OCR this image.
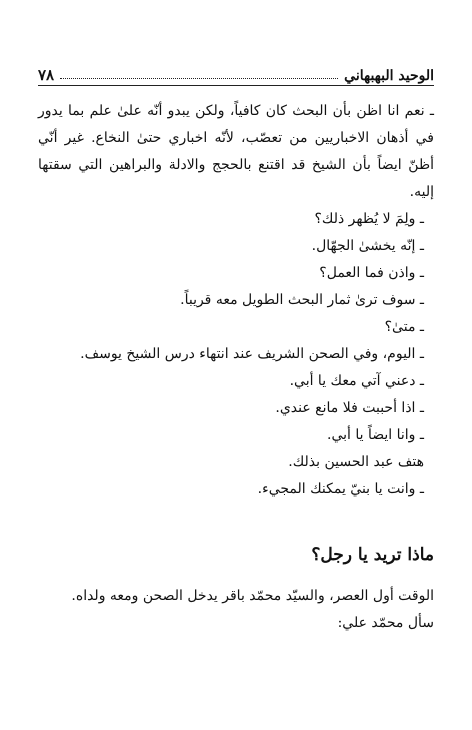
الوحيد البهبهاني
٧٨

ـ نعم انا اظن بأن البحث كان كافياً، ولكن يبدو أنّه علىٰ علم بما يدور في أذهان الاخباريين من تعصّب، لأنّه اخباري حتىٰ النخاع. غير أنّي أظنّ ايضاً بأن الشيخ قد اقتنع بالحجج والادلة والبراهين التي سقتها إليه.

ـ ولِمَ لا يُظهر ذلك؟

ـ إنّه يخشىٰ الجهّال.

ـ واذن فما العمل؟

ـ سوف ترىٰ ثمار البحث الطويل معه قريباً.

ـ متىٰ؟

ـ اليوم، وفي الصحن الشريف عند انتهاء درس الشيخ يوسف.

ـ دعني آتي معك يا أبي.

ـ اذا أحببت فلا مانع عندي.

ـ وانا ايضاً يا أبي.

هتف عبد الحسين بذلك.

ـ وانت يا بنيّ يمكنك المجيء.

ماذا تريد يا رجل؟

الوقت أول العصر، والسيّد محمّد باقر يدخل الصحن ومعه ولداه.

سأل محمّد علي:
